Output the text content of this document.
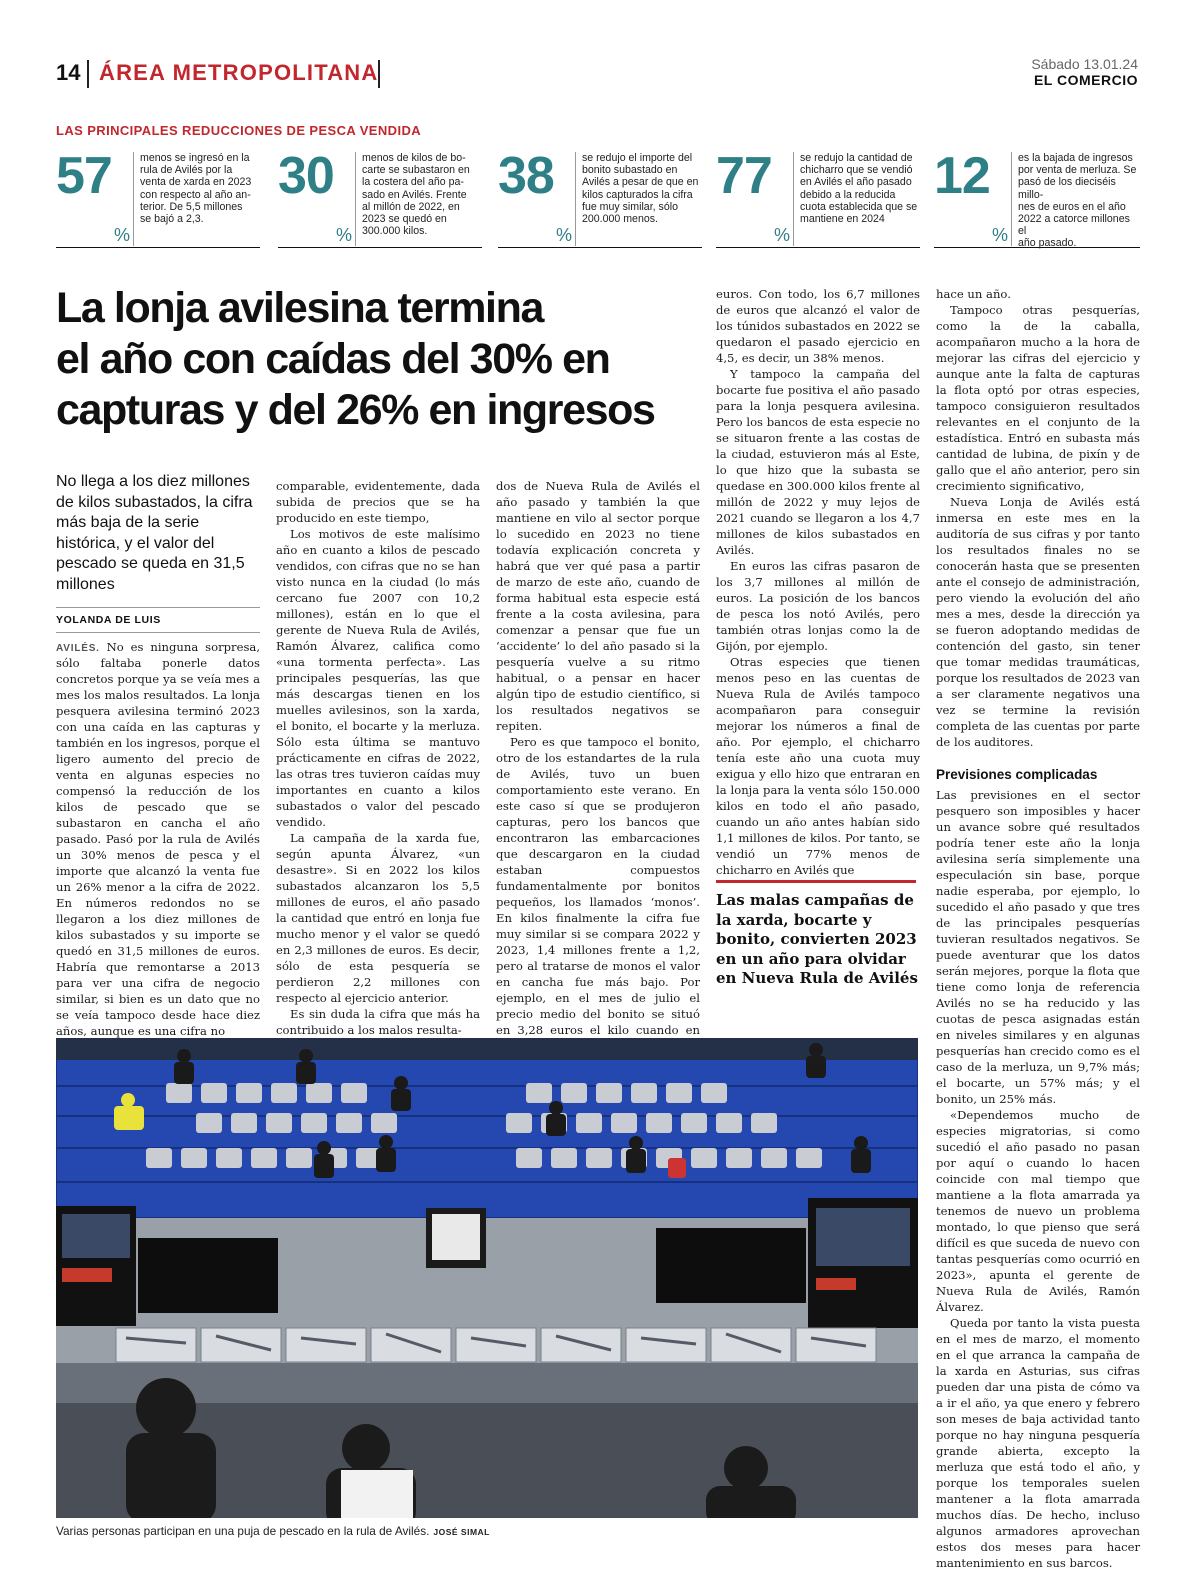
14 ÁREA METROPOLITANA	Sábado 13.01.24
EL COMERCIO
LAS PRINCIPALES REDUCCIONES DE PESCA VENDIDA
57
%
menos se ingresó en la
rula de Avilés por la
venta de xarda en 2023
con respecto al año an-
terior. De 5,5 millones
se bajó a 2,3.
30
%
menos de kilos de bo-
carte se subastaron en
la costera del año pa-
sado en Avilés. Frente
al millón de 2022, en
2023 se quedó en
300.000 kilos.
38
%
se redujo el importe del
bonito subastado en
Avilés a pesar de que en
kilos capturados la cifra
fue muy similar, sólo
200.000 menos.
77
%
se redujo la cantidad de
chicharro que se vendió
en Avilés el año pasado
debido a la reducida
cuota establecida que se
mantiene en 2024
12
%
es la bajada de ingresos
por venta de merluza. Se
pasó de los dieciséis millo-
nes de euros en el año
2022 a catorce millones el
año pasado.
La lonja avilesina termina
el año con caídas del 30% en
capturas y del 26% en ingresos
No llega a los diez millones de kilos subastados, la cifra más baja de la serie histórica, y el valor del pescado se queda en 31,5 millones
YOLANDA DE LUIS

AVILÉS. No es ninguna sorpresa, sólo faltaba ponerle datos concretos porque ya se veía mes a mes los malos resultados. La lonja pesquera avilesina terminó 2023 con una caída en las capturas y también en los ingresos, porque el ligero aumento del precio de venta en algunas especies no compensó la reducción de los kilos de pescado que se subastaron en cancha el año pasado. Pasó por la rula de Avilés un 30% menos de pesca y el importe que alcanzó la venta fue un 26% menor a la cifra de 2022. En números redondos no se llegaron a los diez millones de kilos subastados y su importe se quedó en 31,5 millones de euros. Habría que remontarse a 2013 para ver una cifra de negocio similar, si bien es un dato que no se veía tampoco desde hace diez años, aunque es una cifra no

comparable, evidentemente, dada subida de precios que se ha producido en este tiempo,

Los motivos de este malísimo año en cuanto a kilos de pescado vendidos, con cifras que no se han visto nunca en la ciudad (lo más cercano fue 2007 con 10,2 millones), están en lo que el gerente de Nueva Rula de Avilés, Ramón Álvarez, califica como «una tormenta perfecta». Las principales pesquerías, las que más descargas tienen en los muelles avilesinos, son la xarda, el bonito, el bocarte y la merluza. Sólo esta última se mantuvo prácticamente en cifras de 2022, las otras tres tuvieron caídas muy importantes en cuanto a kilos subastados o valor del pescado vendido.

La campaña de la xarda fue, según apunta Álvarez, «un desastre». Si en 2022 los kilos subastados alcanzaron los 5,5 millones de euros, el año pasado la cantidad que entró en lonja fue mucho menor y el valor se quedó en 2,3 millones de euros. Es decir, sólo de esta pesquería se perdieron 2,2 millones con respecto al ejercicio anterior.

Es sin duda la cifra que más ha contribuido a los malos resulta-

dos de Nueva Rula de Avilés el año pasado y también la que mantiene en vilo al sector porque lo sucedido en 2023 no tiene todavía explicación concreta y habrá que ver qué pasa a partir de marzo de este año, cuando de forma habitual esta especie está frente a la costa avilesina, para comenzar a pensar que fue un ‘accidente’ lo del año pasado si la pesquería vuelve a su ritmo habitual, o a pensar en hacer algún tipo de estudio científico, si los resultados negativos se repiten.

Pero es que tampoco el bonito, otro de los estandartes de la rula de Avilés, tuvo un buen comportamiento este verano. En este caso sí que se produjeron capturas, pero los bancos que encontraron las embarcaciones que descargaron en la ciudad estaban compuestos fundamentalmente por bonitos pequeños, los llamados ‘monos’. En kilos finalmente la cifra fue muy similar si se compara 2022 y 2023, 1,4 millones frente a 1,2, pero al tratarse de monos el valor en cancha fue más bajo. Por ejemplo, en el mes de julio el precio medio del bonito se situó en 3,28 euros el kilo cuando en

euros. Con todo, los 6,7 millones de euros que alcanzó el valor de los túnidos subastados en 2022 se quedaron el pasado ejercicio en 4,5, es decir, un 38% menos.

Y tampoco la campaña del bocarte fue positiva el año pasado para la lonja pesquera avilesina. Pero los bancos de esta especie no se situaron frente a las costas de la ciudad, estuvieron más al Este, lo que hizo que la subasta se quedase en 300.000 kilos frente al millón de 2022 y muy lejos de 2021 cuando se llegaron a los 4,7 millones de kilos subastados en Avilés.

En euros las cifras pasaron de los 3,7 millones al millón de euros. La posición de los bancos de pesca los notó Avilés, pero también otras lonjas como la de Gijón, por ejemplo.

Otras especies que tienen menos peso en las cuentas de Nueva Rula de Avilés tampoco acompañaron para conseguir mejorar los números a final de año. Por ejemplo, el chicharro tenía este año una cuota muy exigua y ello hizo que entraran en la lonja para la venta sólo 150.000 kilos en todo el año pasado, cuando un año antes habían sido 1,1 millones de kilos. Por tanto, se vendió un 77% menos de chicharro en Avilés que

Las malas campañas de la xarda, bocarte y bonito, convierten 2023 en un año para olvidar en Nueva Rula de Avilés

hace un año.

Tampoco otras pesquerías, como la de la caballa, acompañaron mucho a la hora de mejorar las cifras del ejercicio y aunque ante la falta de capturas la flota optó por otras especies, tampoco consiguieron resultados relevantes en el conjunto de la estadística. Entró en subasta más cantidad de lubina, de pixín y de gallo que el año anterior, pero sin crecimiento significativo,

Nueva Lonja de Avilés está inmersa en este mes en la auditoría de sus cifras y por tanto los resultados finales no se conocerán hasta que se presenten ante el consejo de administración, pero viendo la evolución del año mes a mes, desde la dirección ya se fueron adoptando medidas de contención del gasto, sin tener que tomar medidas traumáticas, porque los resultados de 2023 van a ser claramente negativos una vez se termine la revisión completa de las cuentas por parte de los auditores.

Previsiones complicadas

Las previsiones en el sector pesquero son imposibles y hacer un avance sobre qué resultados podría tener este año la lonja avilesina sería simplemente una especulación sin base, porque nadie esperaba, por ejemplo, lo sucedido el año pasado y que tres de las principales pesquerías tuvieran resultados negativos. Se puede aventurar que los datos serán mejores, porque la flota que tiene como lonja de referencia Avilés no se ha reducido y las cuotas de pesca asignadas están en niveles similares y en algunas pesquerías han crecido como es el caso de la merluza, un 9,7% más; el bocarte, un 57% más; y el bonito, un 25% más.

«Dependemos mucho de especies migratorias, si como sucedió el año pasado no pasan por aquí o cuando lo hacen coincide con mal tiempo que mantiene a la flota amarrada ya tenemos de nuevo un problema montado, lo que pienso que será difícil es que suceda de nuevo con tantas pesquerías como ocurrió en 2023», apunta el gerente de Nueva Rula de Avilés, Ramón Álvarez.

Queda por tanto la vista puesta en el mes de marzo, el momento en el que arranca la campaña de la xarda en Asturias, sus cifras pueden dar una pista de cómo va a ir el año, ya que enero y febrero son meses de baja actividad tanto porque no hay ninguna pesquería grande abierta, excepto la merluza que está todo el año, y porque los temporales suelen mantener a la flota amarrada muchos días. De hecho, incluso algunos armadores aprovechan estos dos meses para hacer mantenimiento en sus barcos.

Varias personas participan en una puja de pescado en la rula de Avilés. JOSÉ SIMAL
